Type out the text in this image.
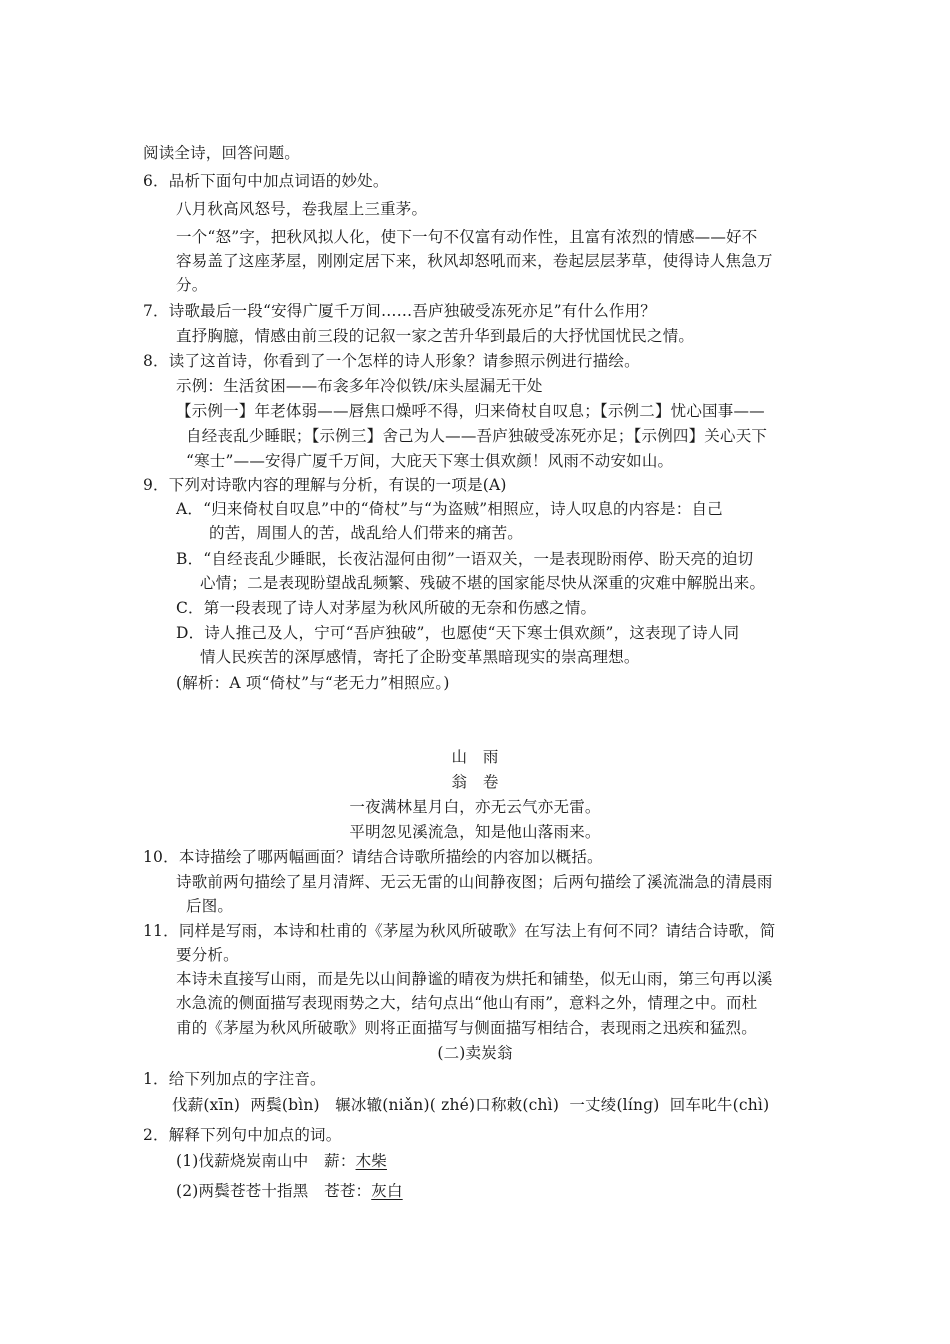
阅读全诗，回答问题。
6．品析下面句中加点词语的妙处。
八月秋高风怒号，卷我屋上三重茅。
一个“怒”字，把秋风拟人化，使下一句不仅富有动作性，且富有浓烈的情感——好不
容易盖了这座茅屋，刚刚定居下来，秋风却怒吼而来，卷起层层茅草，使得诗人焦急万
分。
7．诗歌最后一段“安得广厦千万间……吾庐独破受冻死亦足”有什么作用？
直抒胸臆，情感由前三段的记叙一家之苦升华到最后的大抒忧国忧民之情。
8．读了这首诗，你看到了一个怎样的诗人形象？请参照示例进行描绘。
示例：生活贫困——布衾多年冷似铁/床头屋漏无干处
【示例一】年老体弱——唇焦口燥呼不得，归来倚杖自叹息；【示例二】忧心国事——
自经丧乱少睡眠；【示例三】舍己为人——吾庐独破受冻死亦足；【示例四】关心天下
“寒士”——安得广厦千万间，大庇天下寒士俱欢颜！风雨不动安如山。
9．下列对诗歌内容的理解与分析，有误的一项是(A)
A．“归来倚杖自叹息”中的“倚杖”与“为盗贼”相照应，诗人叹息的内容是：自己
的苦，周围人的苦，战乱给人们带来的痛苦。
B．“自经丧乱少睡眠，长夜沾湿何由彻”一语双关，一是表现盼雨停、盼天亮的迫切
心情；二是表现盼望战乱频繁、残破不堪的国家能尽快从深重的灾难中解脱出来。
C．第一段表现了诗人对茅屋为秋风所破的无奈和伤感之情。
D．诗人推己及人，宁可“吾庐独破”，也愿使“天下寒士俱欢颜”，这表现了诗人同
情人民疾苦的深厚感情，寄托了企盼变革黑暗现实的崇高理想。
(解析：A 项“倚杖”与“老无力”相照应。)
山　雨
翁　卷
一夜满林星月白，亦无云气亦无雷。
平明忽见溪流急，知是他山落雨来。
10．本诗描绘了哪两幅画面？请结合诗歌所描绘的内容加以概括。
诗歌前两句描绘了星月清辉、无云无雷的山间静夜图；后两句描绘了溪流湍急的清晨雨
后图。
11．同样是写雨，本诗和杜甫的《茅屋为秋风所破歌》在写法上有何不同？请结合诗歌，简
要分析。
本诗未直接写山雨，而是先以山间静谧的晴夜为烘托和铺垫，似无山雨，第三句再以溪
水急流的侧面描写表现雨势之大，结句点出“他山有雨”，意料之外，情理之中。而杜
甫的《茅屋为秋风所破歌》则将正面描写与侧面描写相结合，表现雨之迅疾和猛烈。
(二)卖炭翁
1．给下列加点的字注音。
伐薪(xīn)  两鬓(bìn)   辗冰辙(niǎn)( zhé)口称敕(chì)  一丈绫(línɡ)  回车叱牛(chì)
2．解释下列句中加点的词。
(1)伐薪烧炭南山中　薪：木柴
(2)两鬓苍苍十指黑　苍苍：灰白
